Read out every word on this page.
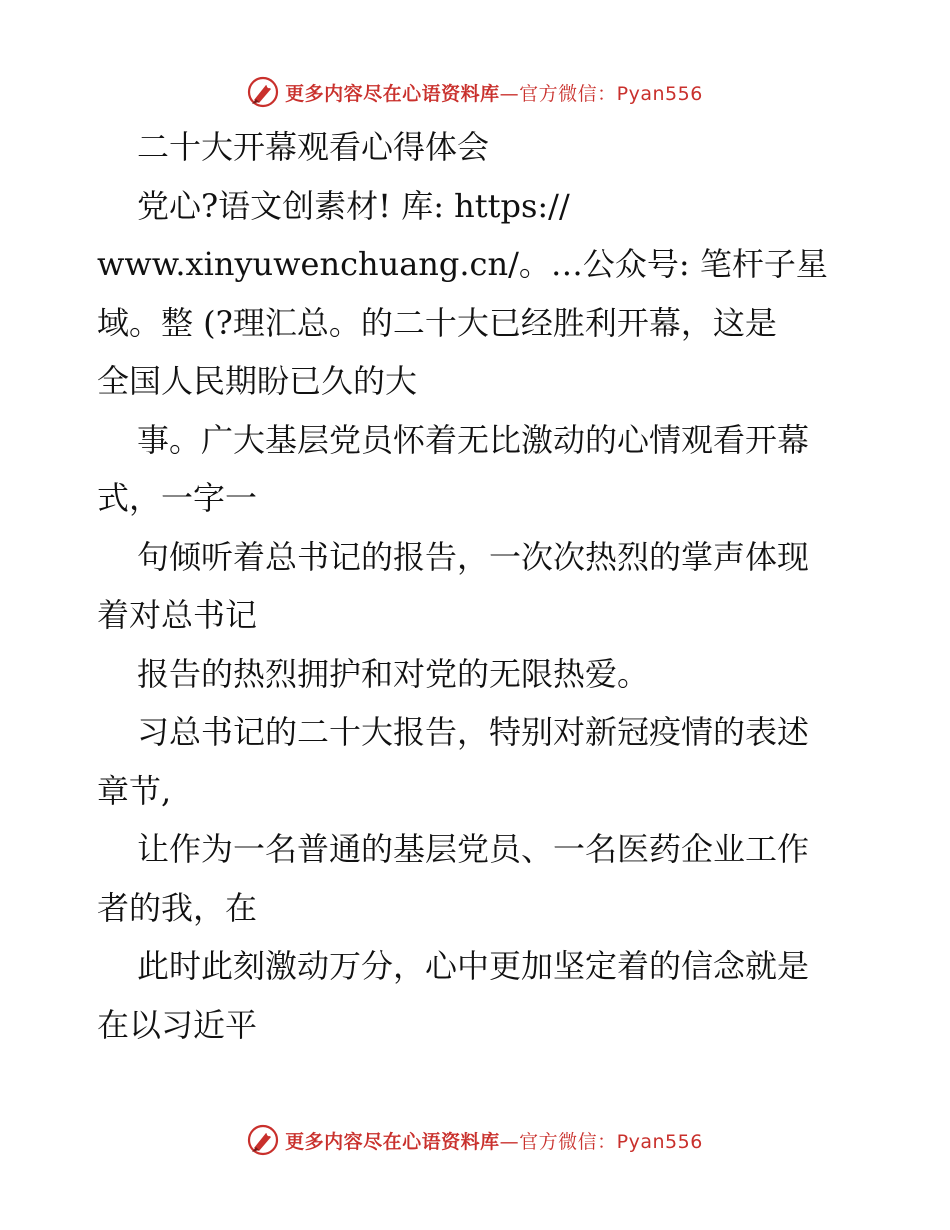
更多内容尽在心语资料库—官方微信：Pyan556
二十大开幕观看心得体会
党心?语文创素材! 库: https://
www.xinyuwenchuang.cn/。…公众号: 笔杆子星
域。整 (?理汇总。的二十大已经胜利开幕，这是
全国人民期盼已久的大
事。广大基层党员怀着无比激动的心情观看开幕
式，一字一
句倾听着总书记的报告，一次次热烈的掌声体现
着对总书记
报告的热烈拥护和对党的无限热爱。
习总书记的二十大报告，特别对新冠疫情的表述
章节,
让作为一名普通的基层党员、一名医药企业工作
者的我，在
此时此刻激动万分，心中更加坚定着的信念就是
在以习近平
更多内容尽在心语资料库—官方微信：Pyan556
